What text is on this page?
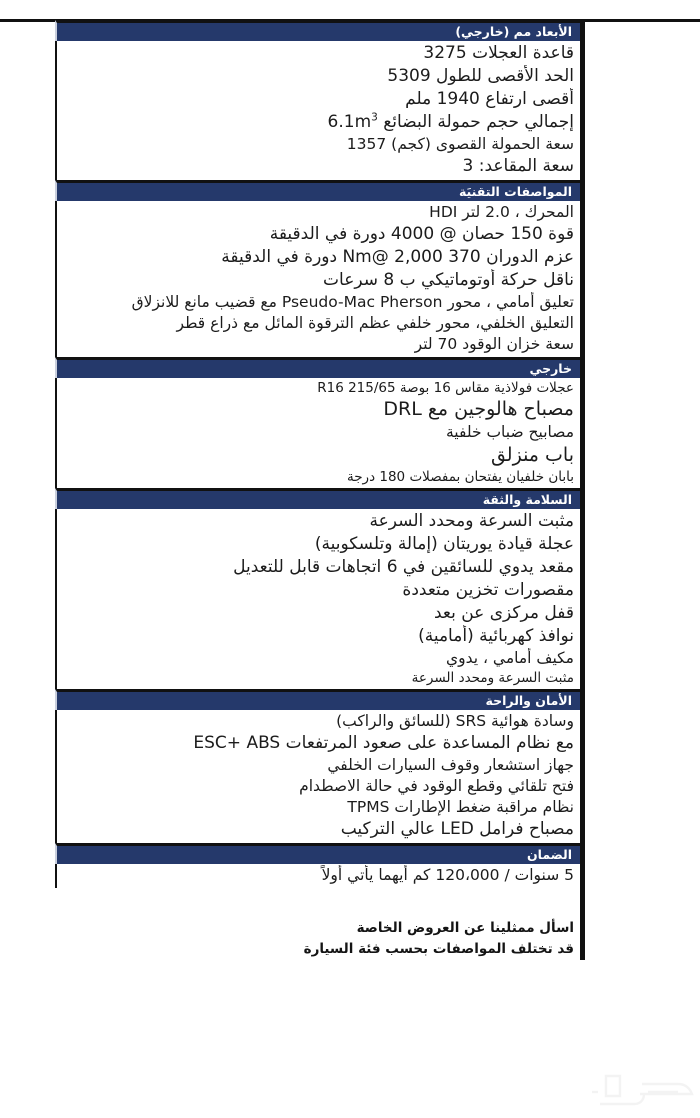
الأبعاد مم (خارجي)
قاعدة العجلات 3275
الحد الأقصى للطول 5309
أقصى ارتفاع 1940 ملم
إجمالي حجم حمولة البضائع $6.1m^3$
سعة الحمولة القصوى (كجم) 1357
سعة المقاعد: 3
المواصفات التقنيَة
المحرك ، 2.0 لتر HDI
قوة 150 حصان @ 4000 دورة في الدقيقة
عزم الدوران 370 Nm@ 2,000 دورة في الدقيقة
ناقل حركة أوتوماتيكي ب 8 سرعات
تعليق أمامي ، محور Pseudo-Mac Pherson مع قضيب مانع للانزلاق
التعليق الخلفي، محور خلفي عظم الترقوة المائل مع ذراع قطر
سعة خزان الوقود 70 لتر
خارجي
عجلات فولاذية مقاس 16 بوصة 215/65 R16
مصباح هالوجين مع DRL
مصابيح ضباب خلفية
باب منزلق
بابان خلفيان يفتحان بمفصلات 180 درجة
السلامة والثقة
مثبت السرعة ومحدد السرعة
عجلة قيادة يوريتان (إمالة وتلسكوبية)
مقعد يدوي للسائقين في 6 اتجاهات قابل للتعديل
مقصورات تخزين متعددة
قفل مركزى عن بعد
نوافذ كهربائية (أمامية)
مكيف أمامي ، يدوي
مثبت السرعة ومحدد السرعة
الأمان والراحة
وسادة هوائية SRS (للسائق والراكب)
مع نظام المساعدة على صعود المرتفعات ESC+ ABS
جهاز استشعار وقوف السيارات الخلفي
فتح تلقائي وقطع الوقود في حالة الاصطدام
نظام مراقبة ضغط الإطارات TPMS
مصباح فرامل LED عالي التركيب
الضمان
5 سنوات / 120،000 كم أيهما يأتي أولاً
اسأل ممثلينا عن العروض الخاصة
قد تختلف المواصفات بحسب فئة السيارة
